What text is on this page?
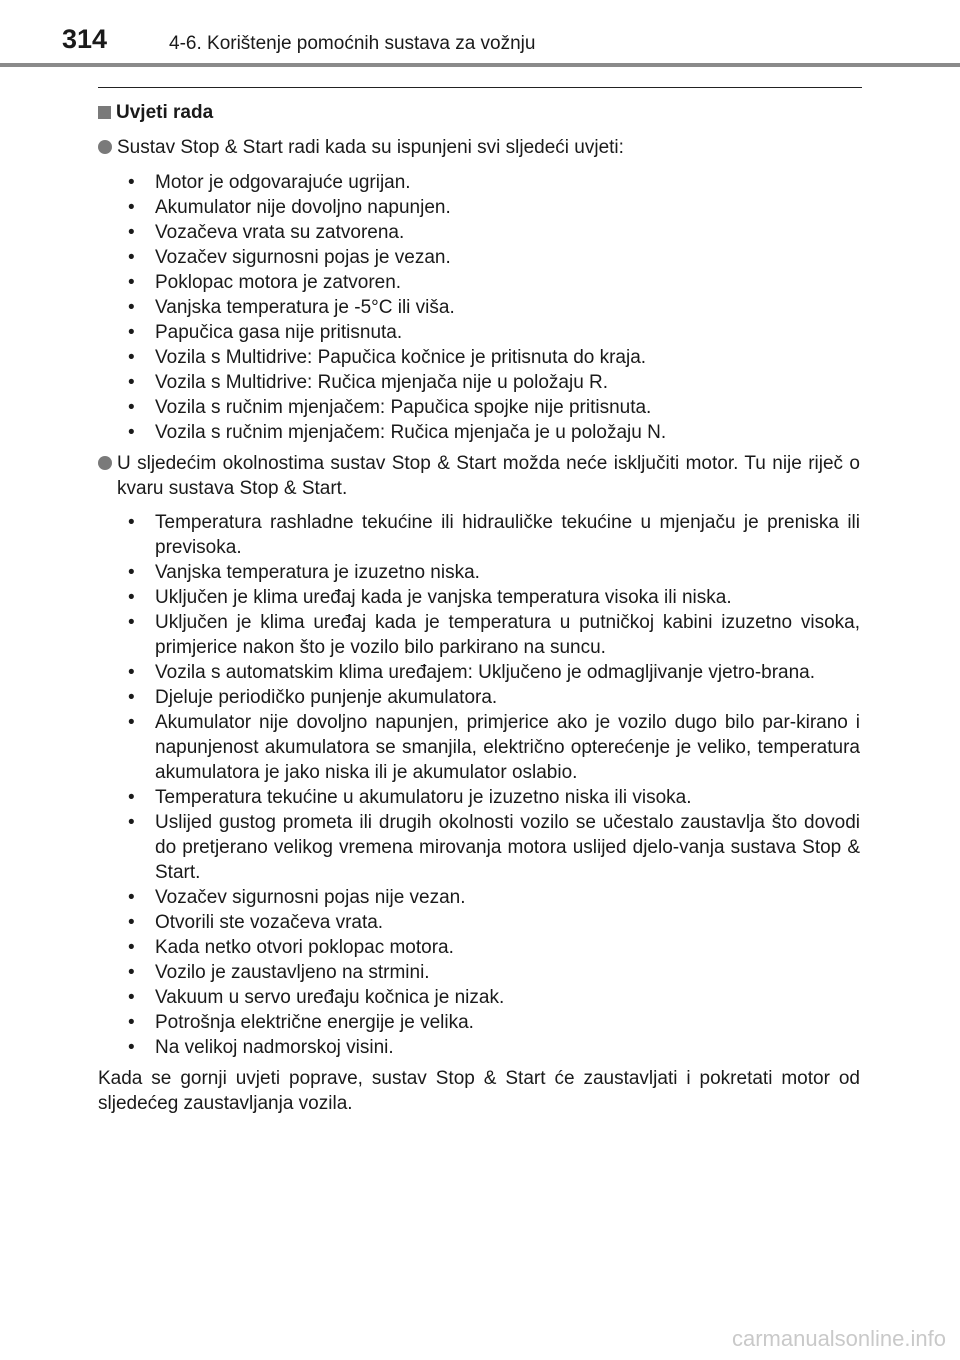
314	4-6. Korištenje pomoćnih sustava za vožnju
Uvjeti rada
Sustav Stop & Start radi kada su ispunjeni svi sljedeći uvjeti:
• Motor je odgovarajuće ugrijan.
• Akumulator nije dovoljno napunjen.
• Vozačeva vrata su zatvorena.
• Vozačev sigurnosni pojas je vezan.
• Poklopac motora je zatvoren.
• Vanjska temperatura je -5°C ili viša.
• Papučica gasa nije pritisnuta.
• Vozila s Multidrive: Papučica kočnice je pritisnuta do kraja.
• Vozila s Multidrive: Ručica mjenjača nije u položaju R.
• Vozila s ručnim mjenjačem: Papučica spojke nije pritisnuta.
• Vozila s ručnim mjenjačem: Ručica mjenjača je u položaju N.
U sljedećim okolnostima sustav Stop & Start možda neće isključiti motor. Tu nije riječ o kvaru sustava Stop & Start.
• Temperatura rashladne tekućine ili hidrauličke tekućine u mjenjaču je preniska ili previsoka.
• Vanjska temperatura je izuzetno niska.
• Uključen je klima uređaj kada je vanjska temperatura visoka ili niska.
• Uključen je klima uređaj kada je temperatura u putničkoj kabini izuzetno visoka, primjerice nakon što je vozilo bilo parkirano na suncu.
• Vozila s automatskim klima uređajem: Uključeno je odmagljivanje vjetro-brana.
• Djeluje periodičko punjenje akumulatora.
• Akumulator nije dovoljno napunjen, primjerice ako je vozilo dugo bilo par-kirano i napunjenost akumulatora se smanjila, električno opterećenje je veliko, temperatura akumulatora je jako niska ili je akumulator oslabio.
• Temperatura tekućine u akumulatoru je izuzetno niska ili visoka.
• Uslijed gustog prometa ili drugih okolnosti vozilo se učestalo zaustavlja što dovodi do pretjerano velikog vremena mirovanja motora uslijed djelo-vanja sustava Stop & Start.
• Vozačev sigurnosni pojas nije vezan.
• Otvorili ste vozačeva vrata.
• Kada netko otvori poklopac motora.
• Vozilo je zaustavljeno na strmini.
• Vakuum u servo uređaju kočnica je nizak.
• Potrošnja električne energije je velika.
• Na velikoj nadmorskoj visini.
Kada se gornji uvjeti poprave, sustav Stop & Start će zaustavljati i pokretati motor od sljedećeg zaustavljanja vozila.
carmanualsonline.info
